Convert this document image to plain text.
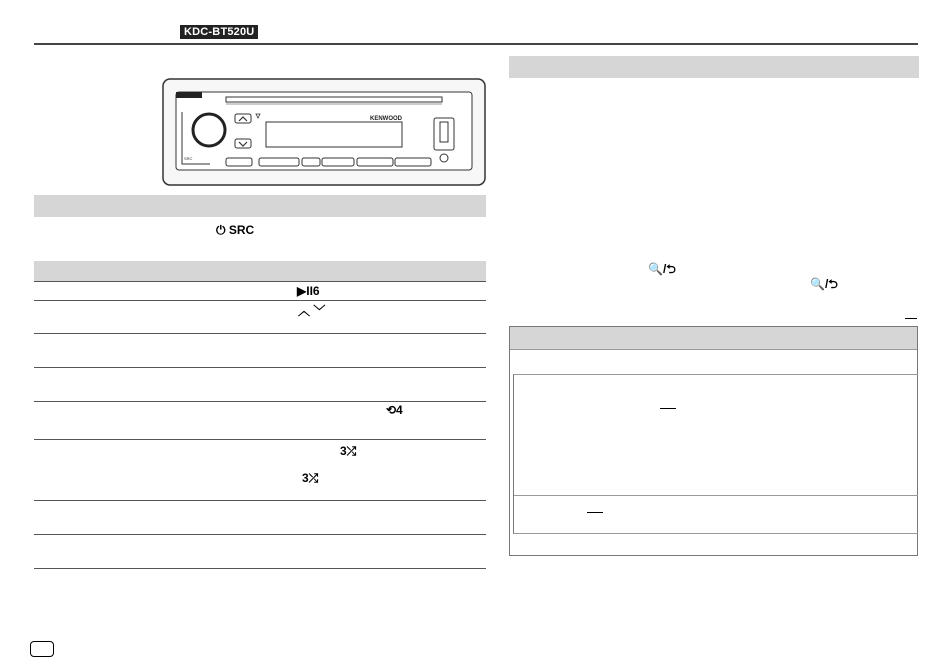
KDC-BT520U
KENWOOD
SRC
⏻ SRC
▶II6
︿ ﹀
⟲4
3⤮
3⤮
🔍/⮌
🔍/⮌
